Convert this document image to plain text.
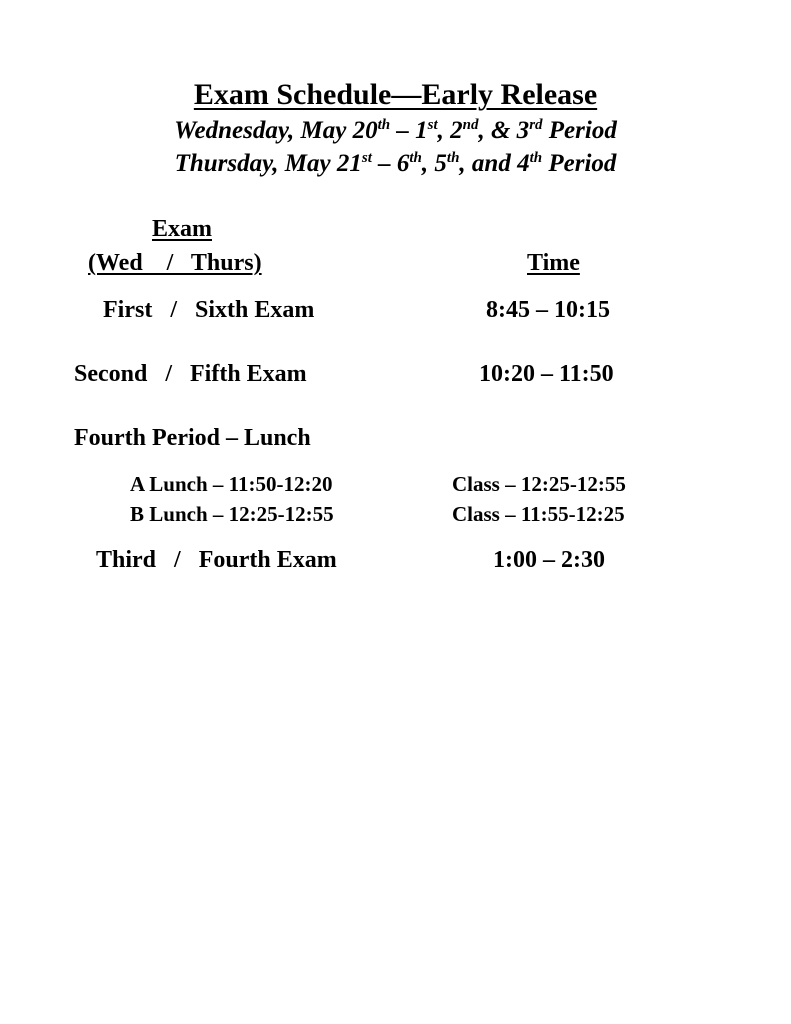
Exam Schedule—Early Release
Wednesday, May 20th – 1st, 2nd, & 3rd Period
Thursday, May 21st – 6th, 5th, and 4th Period
Exam
(Wed    /   Thurs)	Time
First   /   Sixth Exam	8:45 – 10:15
Second   /   Fifth Exam	10:20 – 11:50
Fourth Period – Lunch
A Lunch – 11:50-12:20	Class – 12:25-12:55
B Lunch – 12:25-12:55	Class – 11:55-12:25
Third   /   Fourth Exam	1:00 – 2:30
